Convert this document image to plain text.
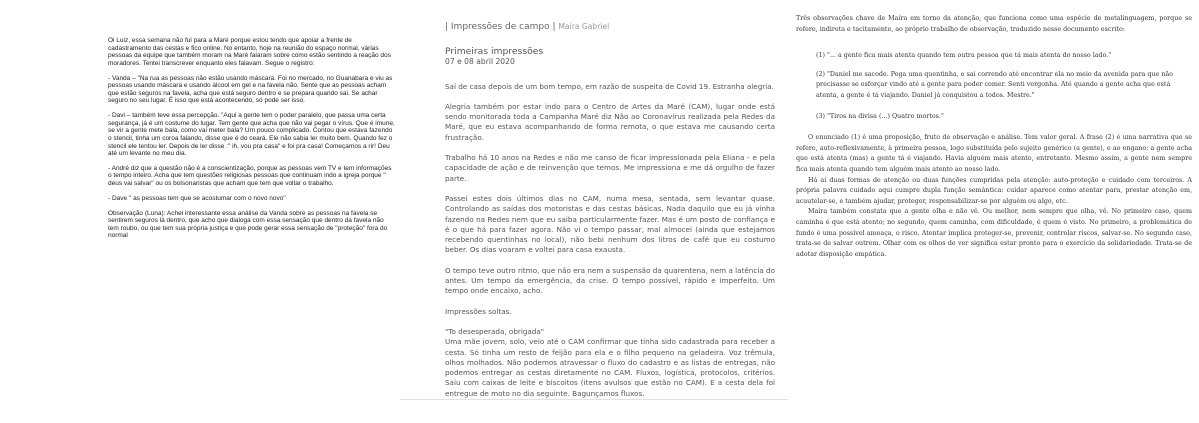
Oi Luiz, essa semana não fui para a Maré porque estou tendo que apoiar a frente de cadastramento das cestas e fico online. No entanto, hoje na reunião do espaço normal, várias pessoas da equipe que também moram na Maré falaram sobre como estão sentindo a reação dos moradores. Tentei transcrever enquanto eles falavam. Segue o registro:

- Vanda – "Na rua as pessoas não estão usando máscara. Foi no mercado, no Guanabara e viu as pessoas usando máscara e usando álcool em gel e na favela não. Sente que as pessoas acham que estão seguros na favela, acha que está seguro dentro e se prepara quando sai. Se achar seguro no seu lugar. É isso que está acontecendo, só pode ser isso.

- Davi – também teve essa percepção. "Aqui a gente tem o poder paralelo, que passa uma certa segurança, já é um costume do lugar. Tem gente que acha que não vai pegar o vírus. Que é imune, se vir a gente mete bala, como vai meter bala? Um pouco complicado. Contou que estava fazendo o stencil, tinha um coroa falando, disse que é do ceará. Ele não sabia ler muito bem. Quando fez o stencil ele tentou ler. Depois de ler disse :" ih, vou pra casa" e foi pra casa! Começamos a rir! Deu até um levante no meu dia.

- André diz que a questão não é a conscientização, porque as pessoas vem TV e tem informações o tempo inteiro. Acha que tem questões religiosas pessoas que continuam indo a igreja porque " deus vai salvar" ou os bolsonaristas que acham que tem que voltar o trabalho.

- Dave " as pessoas tem que se acostumar com o novo novo"

Observação (Luna): Achei interessante essa análise da Vanda sobre as pessoas na favela se sentirem seguros lá dentro, que acho que dialoga com essa sensação que dentro da favela não tem roubo, ou que tem sua própria justiça e que pode gerar essa sensação de "proteção" fora do normal

| Impressões de campo | Maira Gabriel
Primeiras impressões
07 e 08 abril 2020

Saí de casa depois de um bom tempo, em razão de suspeita de Covid 19. Estranha alegria.

Alegria também por estar indo para o Centro de Artes da Maré (CAM), lugar onde está sendo monitorada toda a Campanha Maré diz Não ao Coronavírus realizada pela Redes da Maré, que eu estava acompanhando de forma remota, o que estava me causando certa frustração.

Trabalho há 10 anos na Redes e não me canso de ficar impressionada pela Eliana - e pela capacidade de ação e de reinvenção que temos. Me impressiona e me dá orgulho de fazer parte.

Passei estes dois últimos dias no CAM, numa mesa, sentada, sem levantar quase. Controlando as saídas dos motoristas e das cestas básicas. Nada daquilo que eu já vinha fazendo na Redes nem que eu saiba particularmente fazer. Mas é um posto de confiança e é o que há para fazer agora. Não vi o tempo passar, mal almocei (ainda que estejamos recebendo quentinhas no local), não bebi nenhum dos litros de café que eu costumo beber. Os dias voaram e voltei para casa exausta.

O tempo teve outro ritmo, que não era nem a suspensão da quarentena, nem a latência do antes. Um tempo da emergência, da crise. O tempo possível, rápido e imperfeito. Um tempo onde encaixo, acho.

Impressões soltas.

"To desesperada, obrigada"

Uma mãe jovem, solo, veio até o CAM confirmar que tinha sido cadastrada para receber a cesta. Só tinha um resto de feijão para ela e o filho pequeno na geladeira. Voz trêmula, olhos molhados. Não podemos atravessar o fluxo do cadastro e as listas de entregas, não podemos entregar as cestas diretamente no CAM. Fluxos, logística, protocolos, critérios. Saiu com caixas de leite e biscoitos (itens avulsos que estão no CAM). E a cesta dela foi entregue de moto no dia seguinte. Bagunçamos fluxos.

Três observações chave de Maíra em torno da atenção, que funciona como uma espécie de metalinguagem, porque se refere, indireta e tacitamente, ao próprio trabalho de observação, traduzido nesse documento escrito:

(1) "... a gente fica mais atenta quando tem outra pessoa que tá mais atenta do nosso lado."

(2) "Daniel me sacode. Pega uma quentinha, e sai correndo até encontrar ela no meio da avenida para que não precisasse se esforçar vindo até a gente para poder comer. Senti vergonha. Até quando a gente acha que está atenta, a gente é tá viajando. Daniel já conquistou a todos. Mestre."

(3) "Tiros na divisa (...) Quatro mortos."

O enunciado (1) é uma proposição, fruto de observação e análise. Tem valor geral. A frase (2) é uma narrativa que se refere, auto-reflexivamente, à primeira pessoa, logo substituída pelo sujeito genérico (a gente), e ao engano: a gente acha que está atenta (mas) a gente tá é viajando. Havia alguém mais atento, entretanto. Mesmo assim, a gente nem sempre fica mais atenta quando tem alguém mais atento ao nosso lado.

Há aí duas formas de atenção ou duas funções cumpridas pela atenção: auto-proteção e cuidado com terceiros. A própria palavra cuidado aqui cumpre dupla função semântica: cuidar aparece como atentar para, prestar atenção em, acautelar-se, e também ajudar, proteger, responsabilizar-se por alguém ou algo, etc.

Maíra também constata que a gente olha e não vê. Ou melhor, nem sempre que olha, vê. No primeiro caso, quem caminha é que está atento; no segundo, quem caminha, com dificuldade, é quem é visto. No primeiro, a problemática de fundo é uma possível ameaça, o risco. Atentar implica proteger-se, prevenir, controlar riscos, salvar-se. No segundo caso, trata-se de salvar outrem. Olhar com os olhos de ver significa estar pronto para o exercício da solidariedade. Trata-se de adotar disposição empática.
